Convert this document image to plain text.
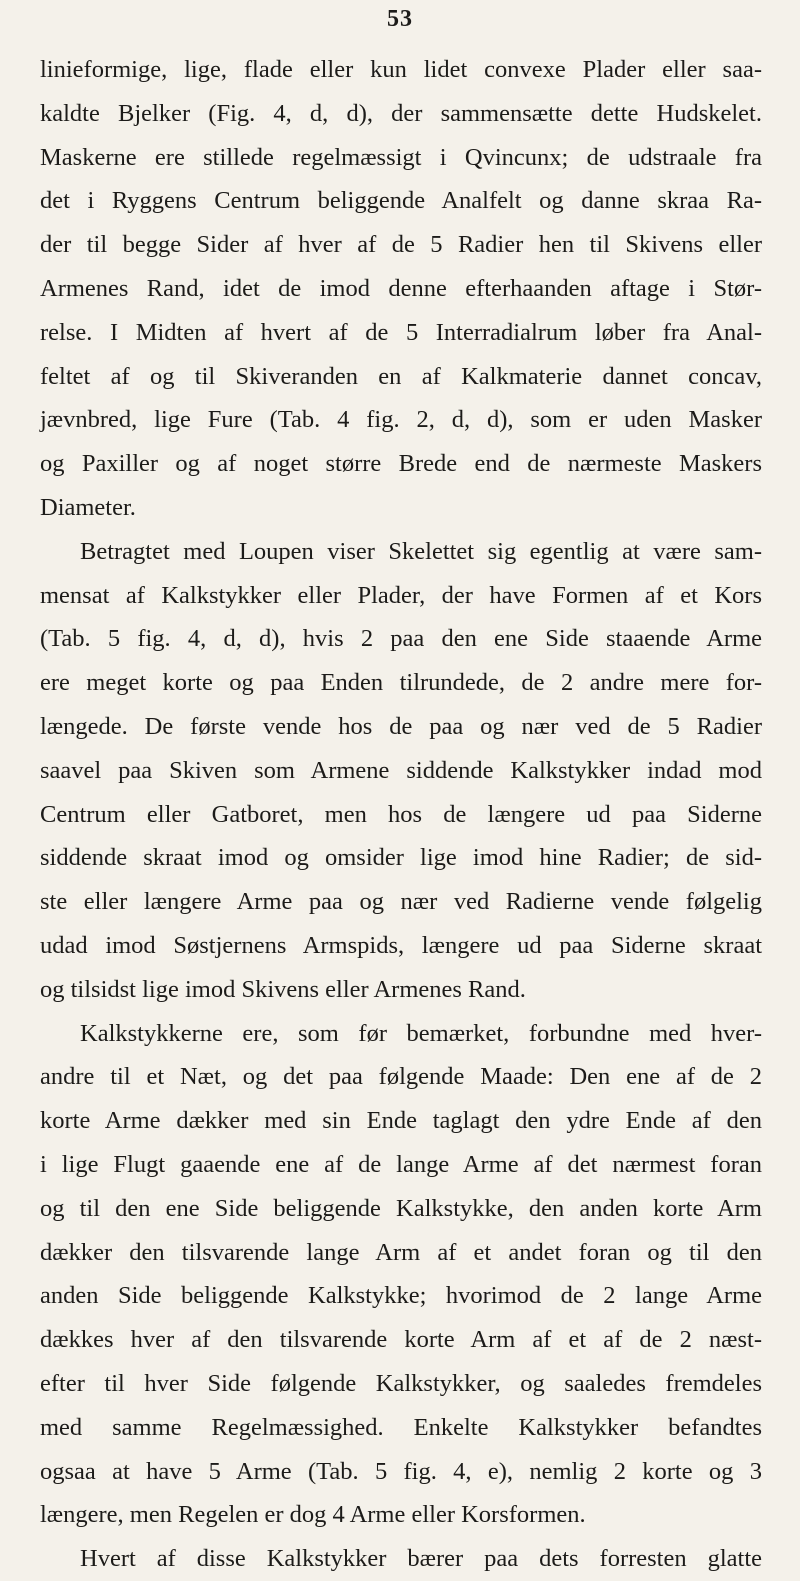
53
linieformige, lige, flade eller kun lidet convexe Plader eller saa-
kaldte Bjelker (Fig. 4, d, d), der sammensætte dette Hudskelet.
Maskerne ere stillede regelmæssigt i Qvincunx; de udstraale fra
det i Ryggens Centrum beliggende Analfelt og danne skraa Ra-
der til begge Sider af hver af de 5 Radier hen til Skivens eller
Armenes Rand, idet de imod denne efterhaanden aftage i Stør-
relse. I Midten af hvert af de 5 Interradialrum løber fra Anal-
feltet af og til Skiveranden en af Kalkmaterie dannet concav,
jævnbred, lige Fure (Tab. 4 fig. 2, d, d), som er uden Masker
og Paxiller og af noget større Brede end de nærmeste Maskers
Diameter.
Betragtet med Loupen viser Skelettet sig egentlig at være sam-
mensat af Kalkstykker eller Plader, der have Formen af et Kors
(Tab. 5 fig. 4, d, d), hvis 2 paa den ene Side staaende Arme
ere meget korte og paa Enden tilrundede, de 2 andre mere for-
længede. De første vende hos de paa og nær ved de 5 Radier
saavel paa Skiven som Armene siddende Kalkstykker indad mod
Centrum eller Gatboret, men hos de længere ud paa Siderne
siddende skraat imod og omsider lige imod hine Radier; de sid-
ste eller længere Arme paa og nær ved Radierne vende følgelig
udad imod Søstjernens Armspids, længere ud paa Siderne skraat
og tilsidst lige imod Skivens eller Armenes Rand.
Kalkstykkerne ere, som før bemærket, forbundne med hver-
andre til et Næt, og det paa følgende Maade: Den ene af de 2
korte Arme dækker med sin Ende taglagt den ydre Ende af den
i lige Flugt gaaende ene af de lange Arme af det nærmest foran
og til den ene Side beliggende Kalkstykke, den anden korte Arm
dækker den tilsvarende lange Arm af et andet foran og til den
anden Side beliggende Kalkstykke; hvorimod de 2 lange Arme
dækkes hver af den tilsvarende korte Arm af et af de 2 næst-
efter til hver Side følgende Kalkstykker, og saaledes fremdeles
med samme Regelmæssighed. Enkelte Kalkstykker befandtes
ogsaa at have 5 Arme (Tab. 5 fig. 4, e), nemlig 2 korte og 3
længere, men Regelen er dog 4 Arme eller Korsformen.
Hvert af disse Kalkstykker bærer paa dets forresten glatte
